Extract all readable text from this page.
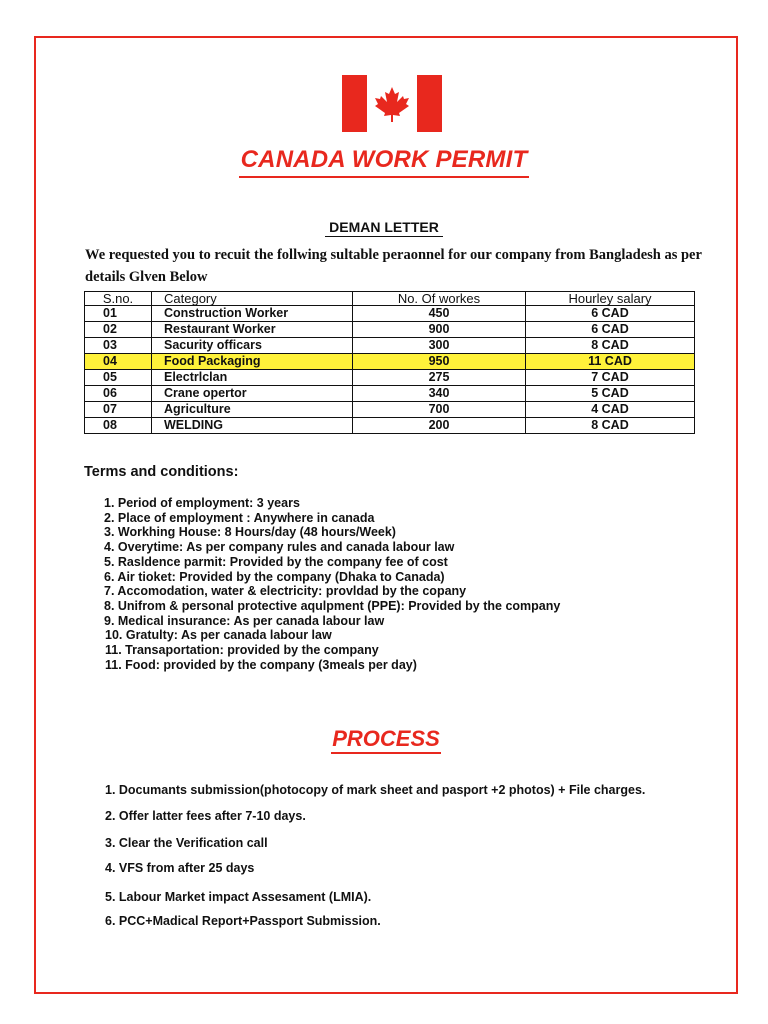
CANADA WORK PERMIT
DEMAN LETTER
We requested you to recuit the follwing sultable peraonnel for our company from Bangladesh as per
details Glven Below
S.no.	Category	No. Of workes	Hourley salary
01	Construction Worker	450	6 CAD
02	Restaurant Worker	900	6 CAD
03	Sacurity officars	300	8 CAD
04	Food Packaging	950	11 CAD
05	Electrlclan	275	7 CAD
06	Crane opertor	340	5 CAD
07	Agriculture	700	4 CAD
08	WELDING	200	8 CAD
Terms and conditions:
1. Period of employment: 3 years
2. Place of employment : Anywhere in canada
3. Workhing House: 8 Hours/day (48 hours/Week)
4. Overytime: As per company rules and canada labour law
5. Rasldence parmit: Provided by the company fee of cost
6. Air tioket: Provided by the company (Dhaka to Canada)
7. Accomodation, water & electricity: provldad by the copany
8. Unifrom & personal protective aqulpment (PPE): Provided by the company
9. Medical insurance: As per canada labour law
10. Gratulty: As per canada labour law
11. Transaportation: provided by the company
11. Food: provided by the company (3meals per day)
PROCESS
1. Documants submission(photocopy of mark sheet and pasport +2 photos) + File charges.
2. Offer latter fees after 7-10 days.
3. Clear the Verification call
4. VFS from after 25 days
5. Labour Market impact Assesament (LMIA).
6. PCC+Madical Report+Passport Submission.
